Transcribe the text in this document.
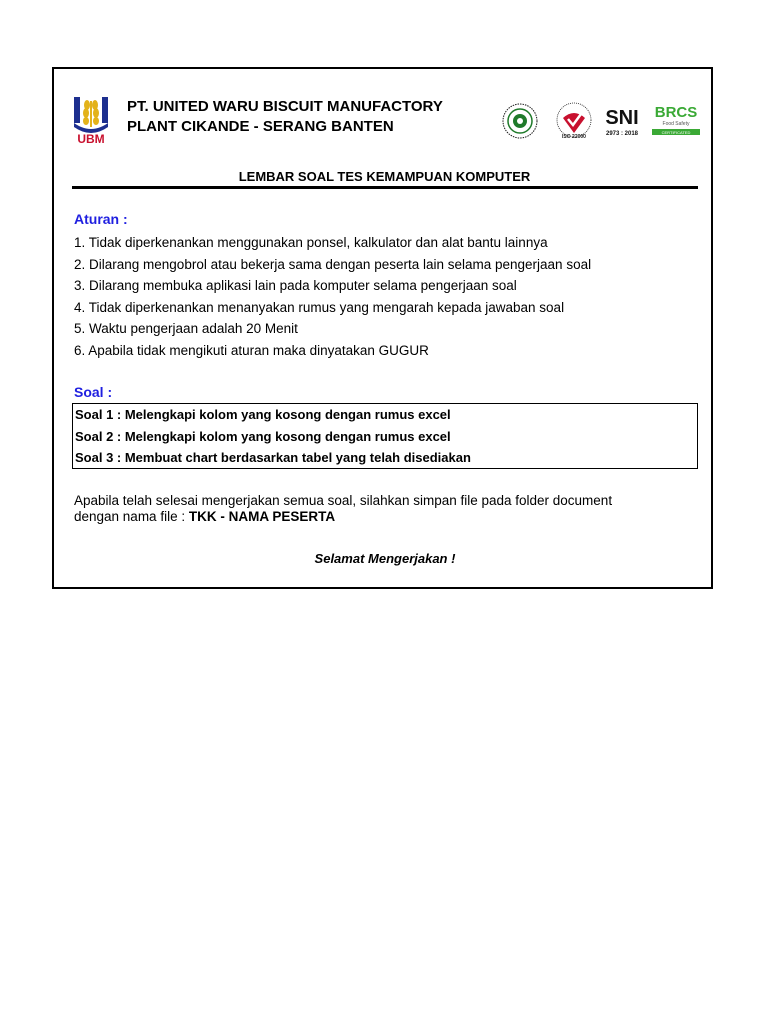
UBM
PT. UNITED WARU BISCUIT MANUFACTORY
PLANT CIKANDE - SERANG BANTEN
ISO 22000
SNI
2973 : 2018
BRCS
Food Safety
CERTIFICATED
LEMBAR SOAL TES KEMAMPUAN KOMPUTER
Aturan :
1. Tidak diperkenankan menggunakan ponsel, kalkulator dan alat bantu lainnya
2. Dilarang mengobrol atau bekerja sama dengan peserta lain selama pengerjaan soal
3. Dilarang membuka aplikasi lain pada komputer selama pengerjaan soal
4. Tidak diperkenankan menanyakan rumus yang mengarah kepada jawaban soal
5. Waktu pengerjaan adalah 20 Menit
6. Apabila tidak mengikuti aturan maka dinyatakan GUGUR
Soal :
Soal 1 : Melengkapi kolom yang kosong dengan rumus excel
Soal 2 : Melengkapi kolom yang kosong dengan rumus excel
Soal 3 : Membuat chart berdasarkan tabel yang telah disediakan
Apabila telah selesai mengerjakan semua soal, silahkan simpan file pada folder document
dengan nama file : TKK - NAMA PESERTA
Selamat Mengerjakan !
